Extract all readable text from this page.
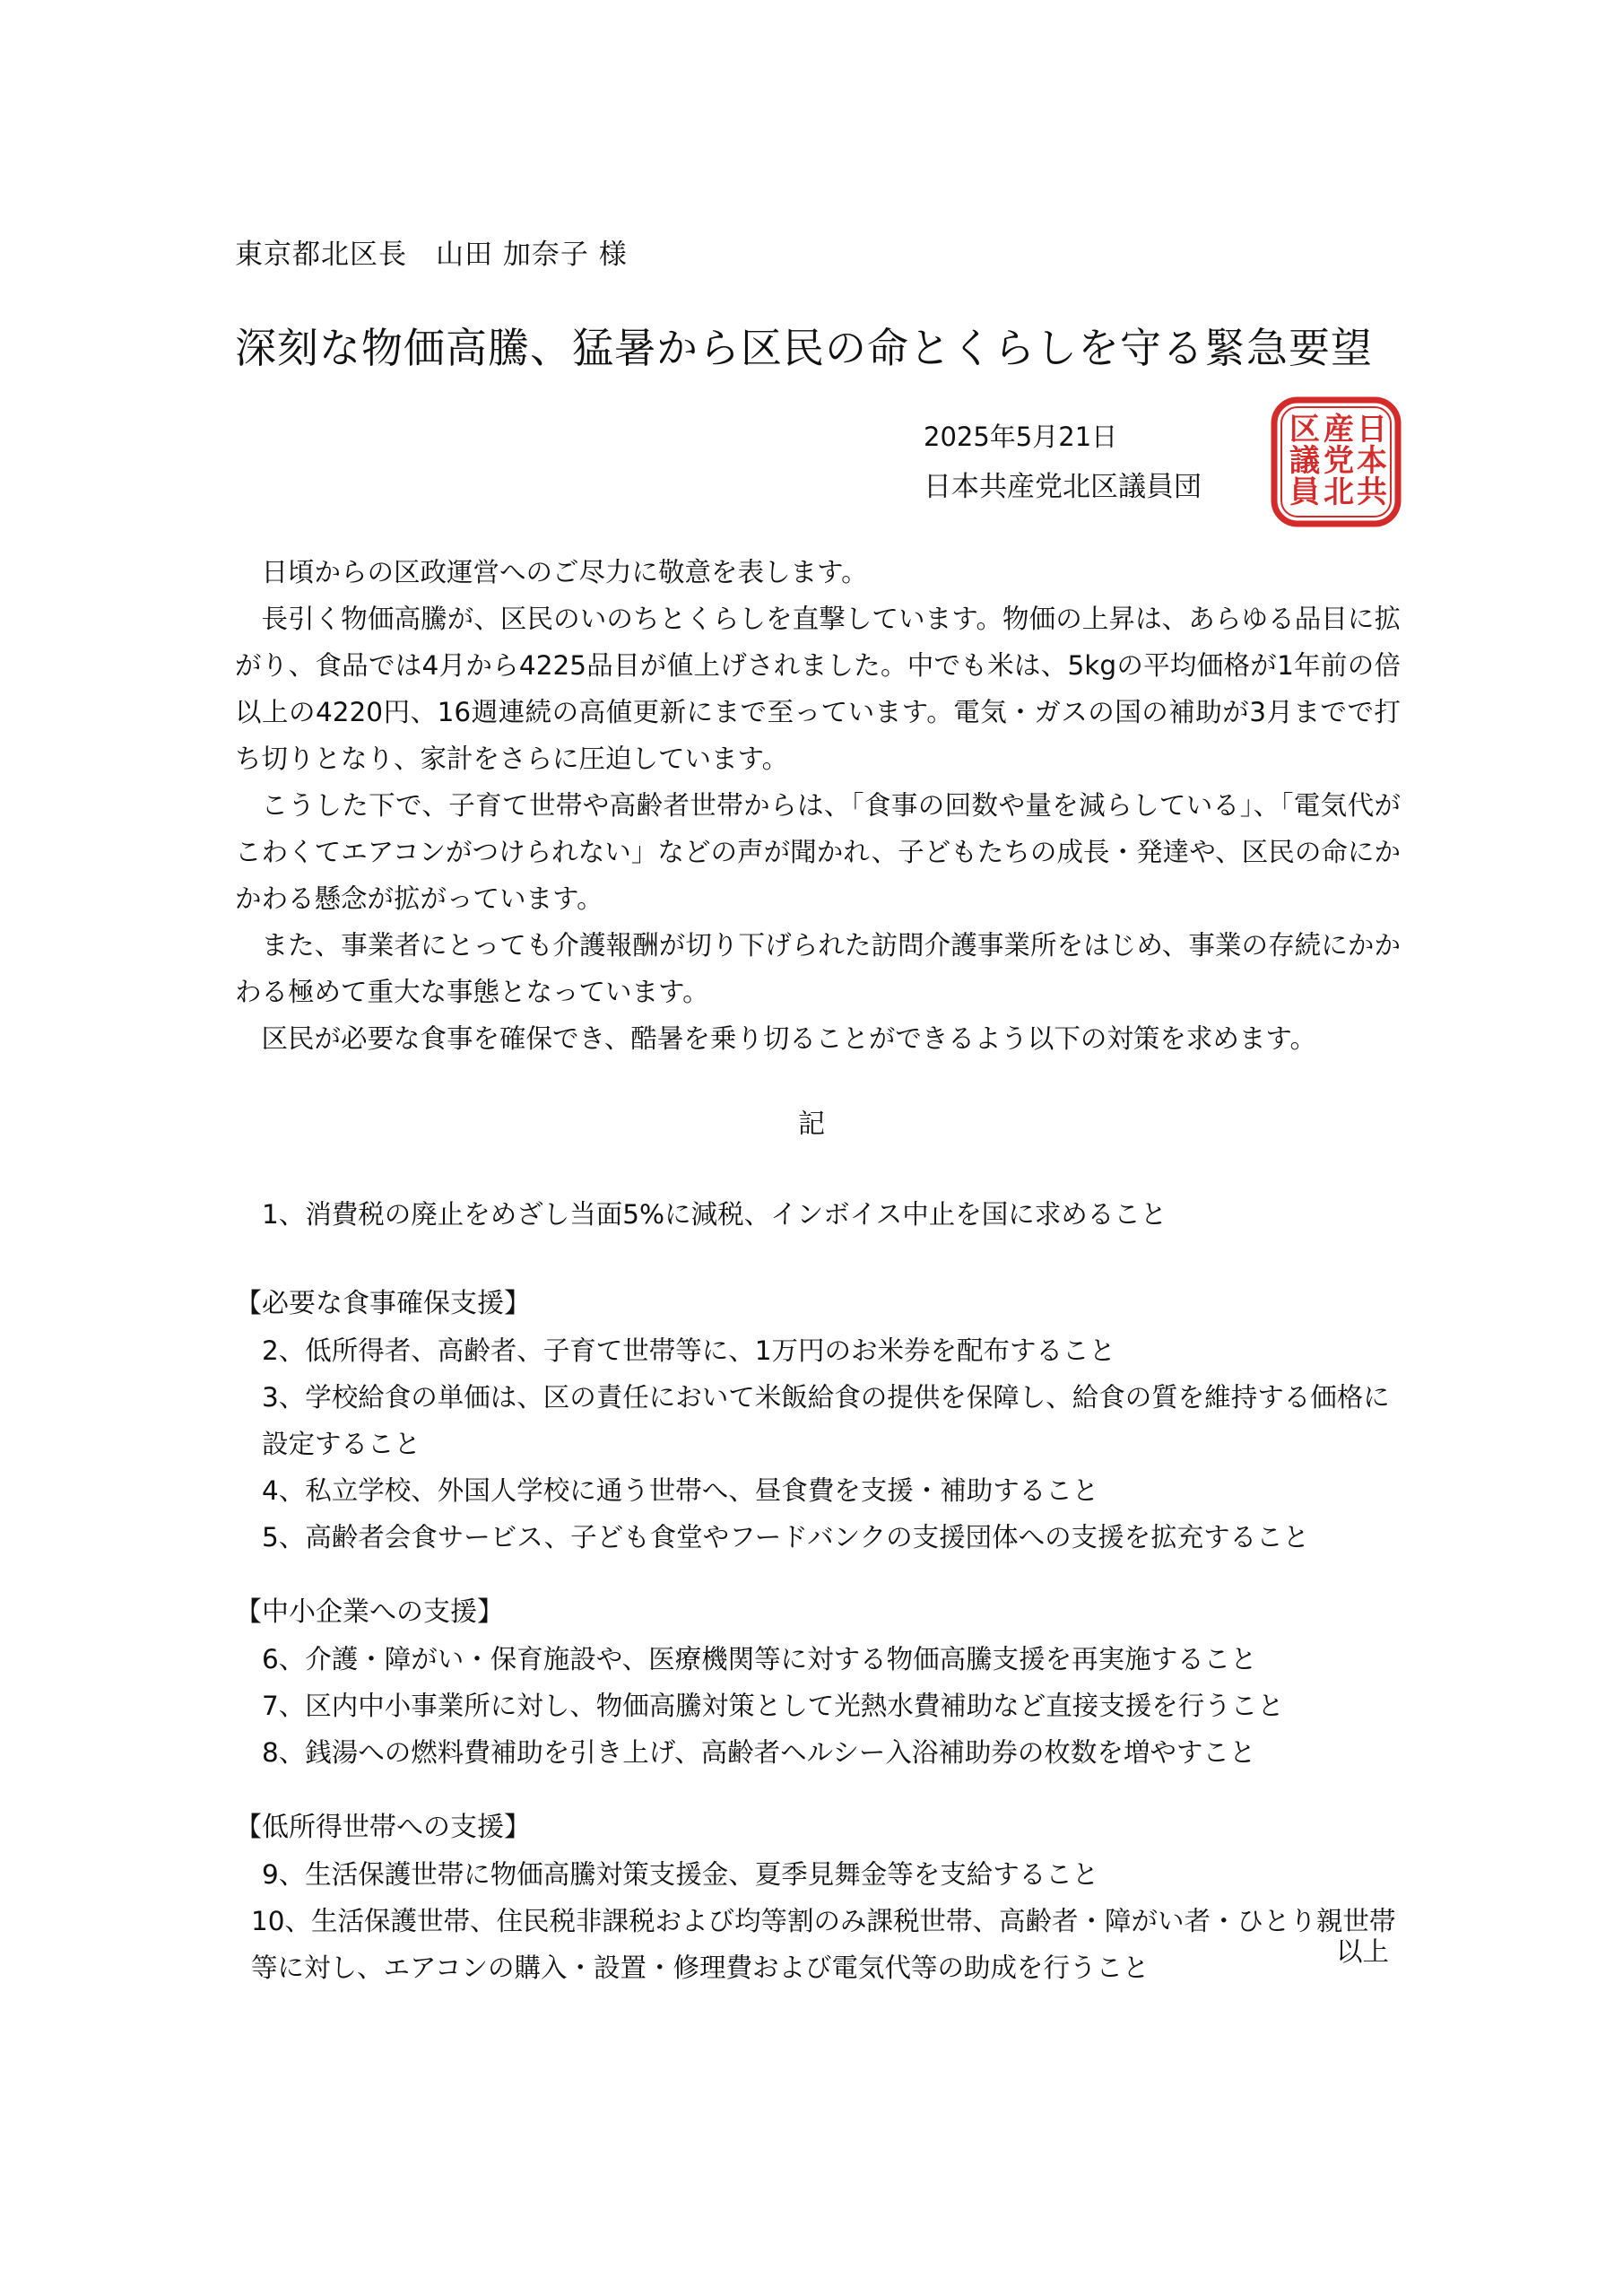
東京都北区長　山田 加奈子 様
深刻な物価高騰、猛暑から区民の命とくらしを守る緊急要望
2025年5月21日
日本共産党北区議員団
日
本
共
産
党
北
区
議
員

日頃からの区政運営へのご尽力に敬意を表します。

長引く物価高騰が、区民のいのちとくらしを直撃しています。物価の上昇は、あらゆる品目に拡がり、食品では4月から4225品目が値上げされました。中でも米は、5kgの平均価格が1年前の倍以上の4220円、16週連続の高値更新にまで至っています。電気・ガスの国の補助が3月までで打ち切りとなり、家計をさらに圧迫しています。

こうした下で、子育て世帯や高齢者世帯からは、「食事の回数や量を減らしている」、「電気代がこわくてエアコンがつけられない」などの声が聞かれ、子どもたちの成長・発達や、区民の命にかかわる懸念が拡がっています。

また、事業者にとっても介護報酬が切り下げられた訪問介護事業所をはじめ、事業の存続にかかわる極めて重大な事態となっています。

区民が必要な食事を確保でき、酷暑を乗り切ることができるよう以下の対策を求めます。

記
1、消費税の廃止をめざし当面5%に減税、インボイス中止を国に求めること
【必要な食事確保支援】
2、低所得者、高齢者、子育て世帯等に、1万円のお米券を配布すること
3、学校給食の単価は、区の責任において米飯給食の提供を保障し、給食の質を維持する価格に設定すること
4、私立学校、外国人学校に通う世帯へ、昼食費を支援・補助すること
5、高齢者会食サービス、子ども食堂やフードバンクの支援団体への支援を拡充すること
【中小企業への支援】
6、介護・障がい・保育施設や、医療機関等に対する物価高騰支援を再実施すること
7、区内中小事業所に対し、物価高騰対策として光熱水費補助など直接支援を行うこと
8、銭湯への燃料費補助を引き上げ、高齢者ヘルシー入浴補助券の枚数を増やすこと
【低所得世帯への支援】
9、生活保護世帯に物価高騰対策支援金、夏季見舞金等を支給すること
10、生活保護世帯、住民税非課税および均等割のみ課税世帯、高齢者・障がい者・ひとり親世帯等に対し、エアコンの購入・設置・修理費および電気代等の助成を行うこと
以上
